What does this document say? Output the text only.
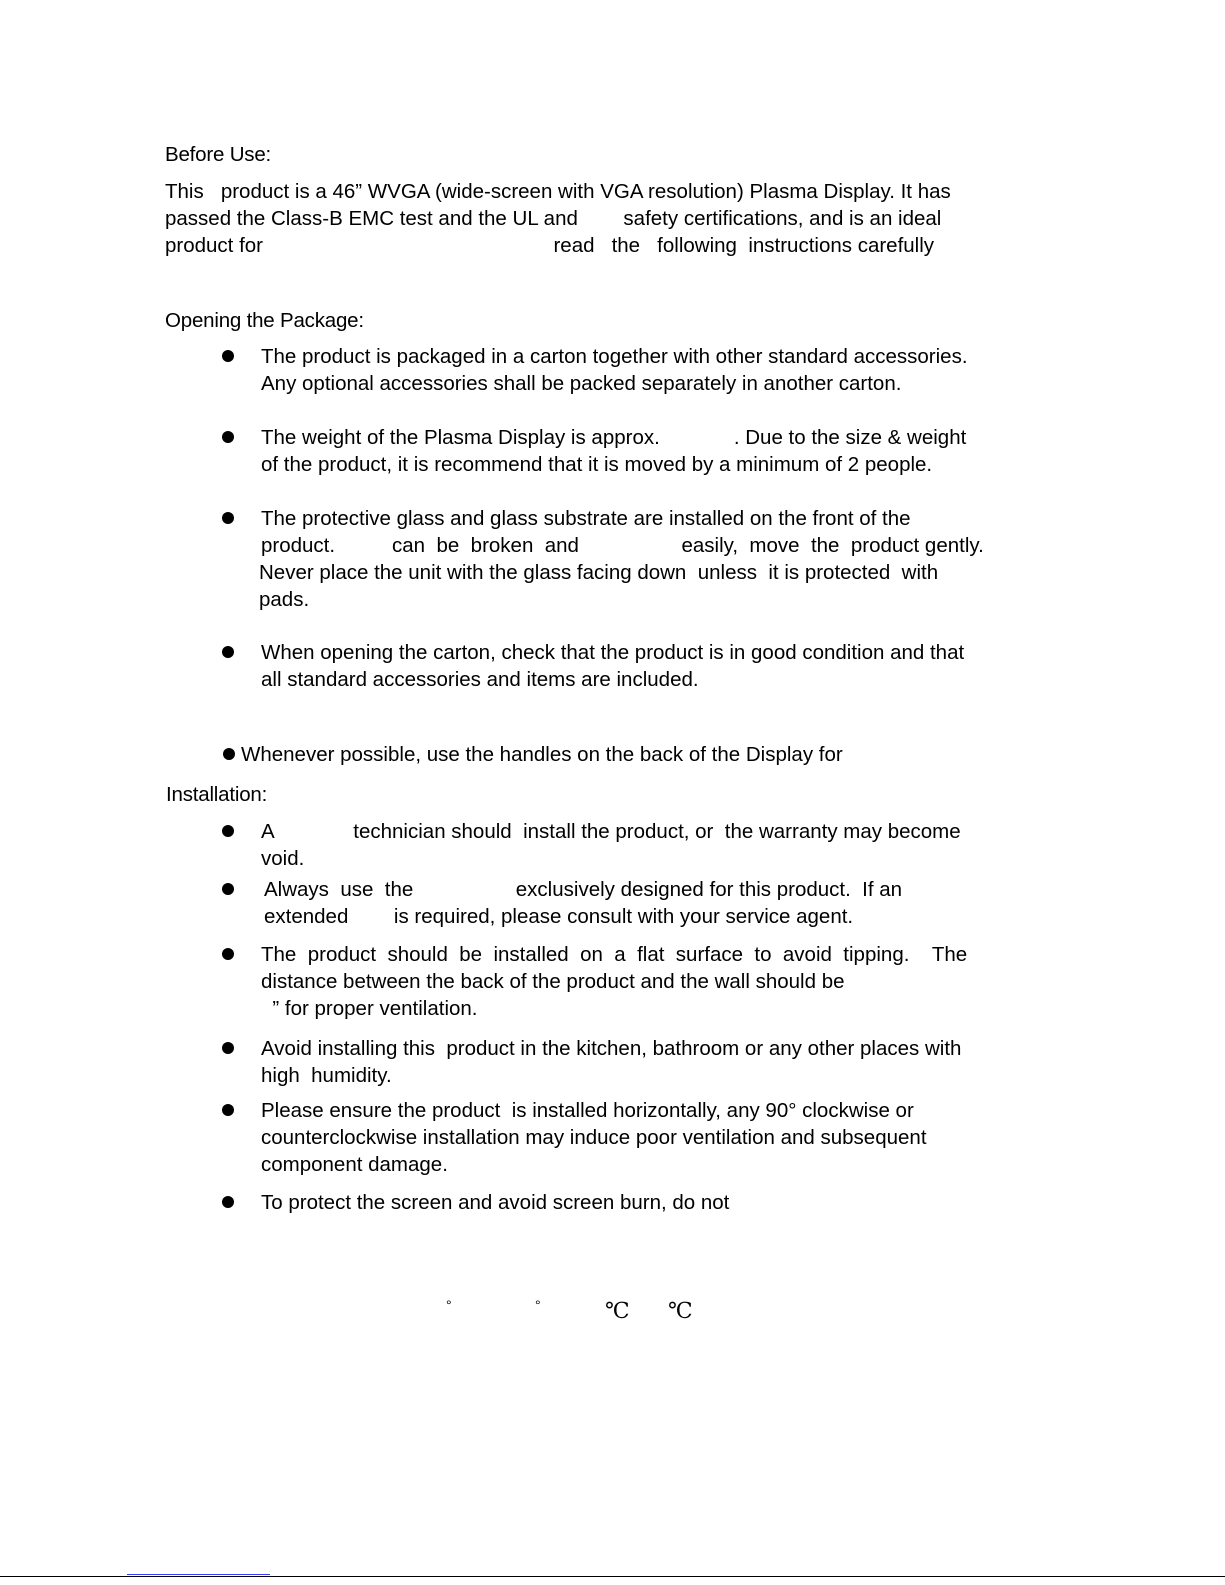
Before Use:
This   product is a 46” WVGA (wide-screen with VGA resolution) Plasma Display. It has
passed the Class-B EMC test and the UL and        safety certifications, and is an ideal
product for                                                   read   the   following  instructions carefully
Opening the Package:
The product is packaged in a carton together with other standard accessories.
Any optional accessories shall be packed separately in another carton.
The weight of the Plasma Display is approx.             . Due to the size & weight
of the product, it is recommend that it is moved by a minimum of 2 people.
The protective glass and glass substrate are installed on the front of the
product.          can  be  broken  and                  easily,  move  the  product gently.
Never place the unit with the glass facing down  unless  it is protected  with
pads.
When opening the carton, check that the product is in good condition and that
all standard accessories and items are included.
Whenever possible, use the handles on the back of the Display for
Installation:
A              technician should  install the product, or  the warranty may become
void.
Always  use  the                  exclusively designed for this product.  If an
extended        is required, please consult with your service agent.
The  product  should  be  installed  on  a  flat  surface  to  avoid  tipping.    The
distance between the back of the product and the wall should be
” for proper ventilation.
Avoid installing this  product in the kitchen, bathroom or any other places with
high  humidity.
Please ensure the product  is installed horizontally, any 90° clockwise or
counterclockwise installation may induce poor ventilation and subsequent
component damage.
To protect the screen and avoid screen burn, do not
°	°	℃ ℃
